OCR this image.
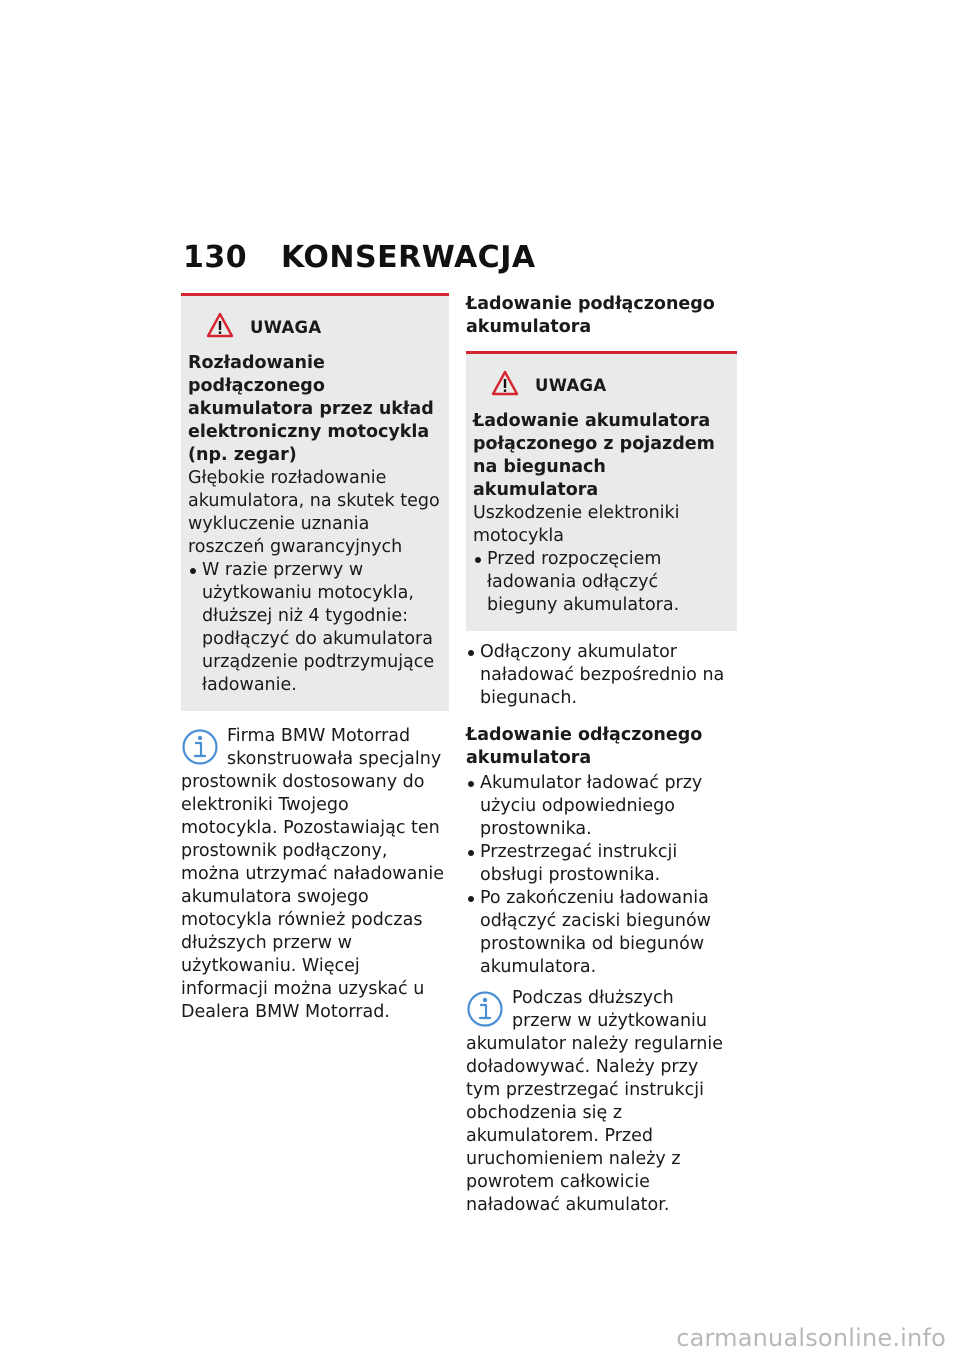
130 KONSERWACJA
UWAGA

Rozładowanie podłączonego akumulatora przez układ elektroniczny motocykla (np. zegar)

Głębokie rozładowanie akumulatora, na skutek tego wykluczenie uznania roszczeń gwarancyjnych

W razie przerwy w użytkowaniu motocykla, dłuższej niż 4 tygodnie: podłączyć do akumulatora urządzenie podtrzymujące ładowanie.
Firma BMW Motorrad skonstruowała specjalny prostownik dostosowany do elektroniki Twojego motocykla. Pozostawiając ten prostownik podłączony, można utrzymać naładowanie akumulatora swojego motocykla również podczas dłuższych przerw w użytkowaniu. Więcej informacji można uzyskać u Dealera BMW Motorrad.

Ładowanie podłączonego akumulatora

UWAGA

Ładowanie akumulatora połączonego z pojazdem na biegunach akumulatora

Uszkodzenie elektroniki motocykla

Przed rozpoczęciem ładowania odłączyć bieguny akumulatora.
Odłączony akumulator naładować bezpośrednio na biegunach.

Ładowanie odłączonego akumulatora

Akumulator ładować przy użyciu odpowiedniego prostownika.
Przestrzegać instrukcji obsługi prostownika.
Po zakończeniu ładowania odłączyć zaciski biegunów prostownika od biegunów akumulatora.
Podczas dłuższych przerw w użytkowaniu akumulator należy regularnie doładowywać. Należy przy tym przestrzegać instrukcji obchodzenia się z akumulatorem. Przed uruchomieniem należy z powrotem całkowicie naładować akumulator.
carmanualsonline.info
